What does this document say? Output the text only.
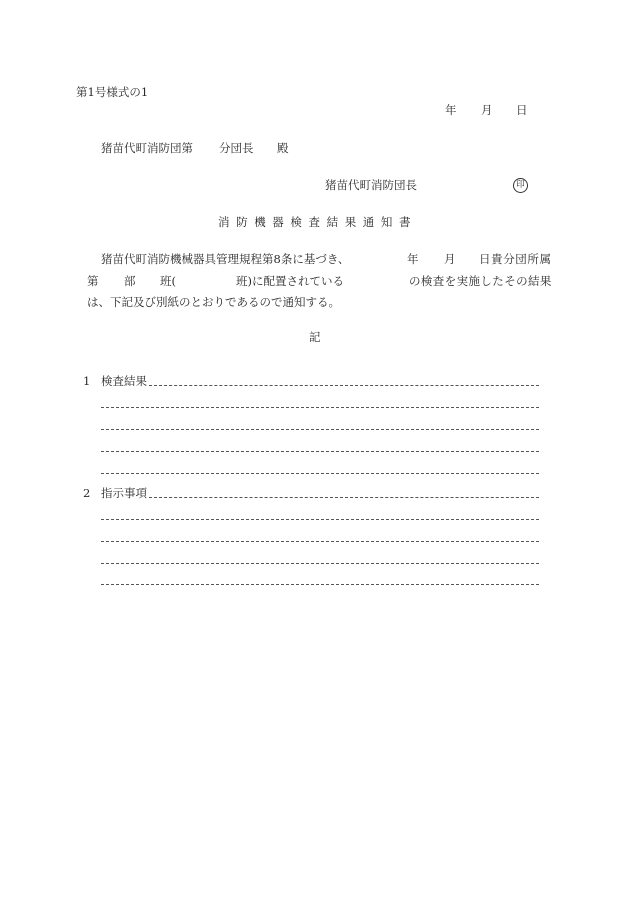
第1号様式の1
年 月 日
猪苗代町消防団第 分団長 殿
猪苗代町消防団長	印
消防機器検査結果通知書
猪苗代町消防機械器具管理規程第8条に基づき、	年 月 日貴分団所属
第 部 班(	班)に配置されている	の検査を実施したその結果
は、下記及び別紙のとおりであるので通知する。
記
1 検査結果
2 指示事項
